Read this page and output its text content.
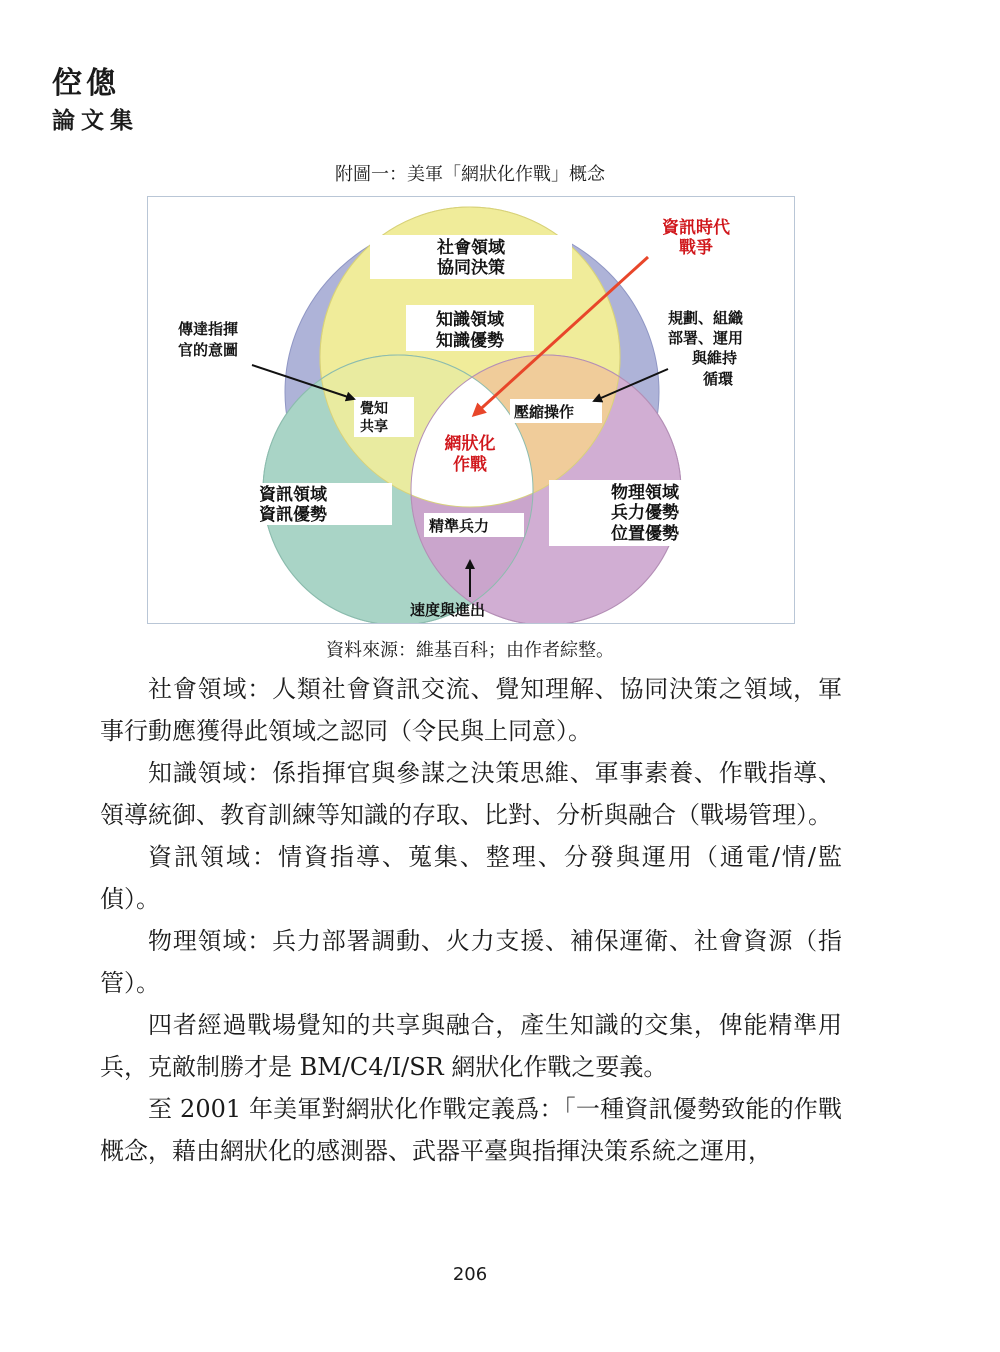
倥傯
論文集
附圖一：美軍「網狀化作戰」概念
社會領域
協同決策
知識領域
知識優勢
資訊領域
資訊優勢
物理領域
兵力優勢
位置優勢
傳達指揮
官的意圖
規劃、組織
部署、運用
與維持
循環
資訊時代
戰爭
覺知
共享
壓縮操作
精準兵力
網狀化
作戰
速度與進出
資料來源：維基百科；由作者綜整。

社會領域：人類社會資訊交流、覺知理解、協同決策之領域，軍事行動應獲得此領域之認同（令民與上同意）。

知識領域：係指揮官與參謀之決策思維、軍事素養、作戰指導、領導統御、教育訓練等知識的存取、比對、分析與融合（戰場管理）。

資訊領域：情資指導、蒐集、整理、分發與運用（通電/情/監偵）。

物理領域：兵力部署調動、火力支援、補保運衛、社會資源（指管）。

四者經過戰場覺知的共享與融合，產生知識的交集，俾能精準用兵，克敵制勝才是 BM/C4/I/SR 網狀化作戰之要義。

至 2001 年美軍對網狀化作戰定義爲：「一種資訊優勢致能的作戰概念，藉由網狀化的感測器、武器平臺與指揮決策系統之運用，

206
